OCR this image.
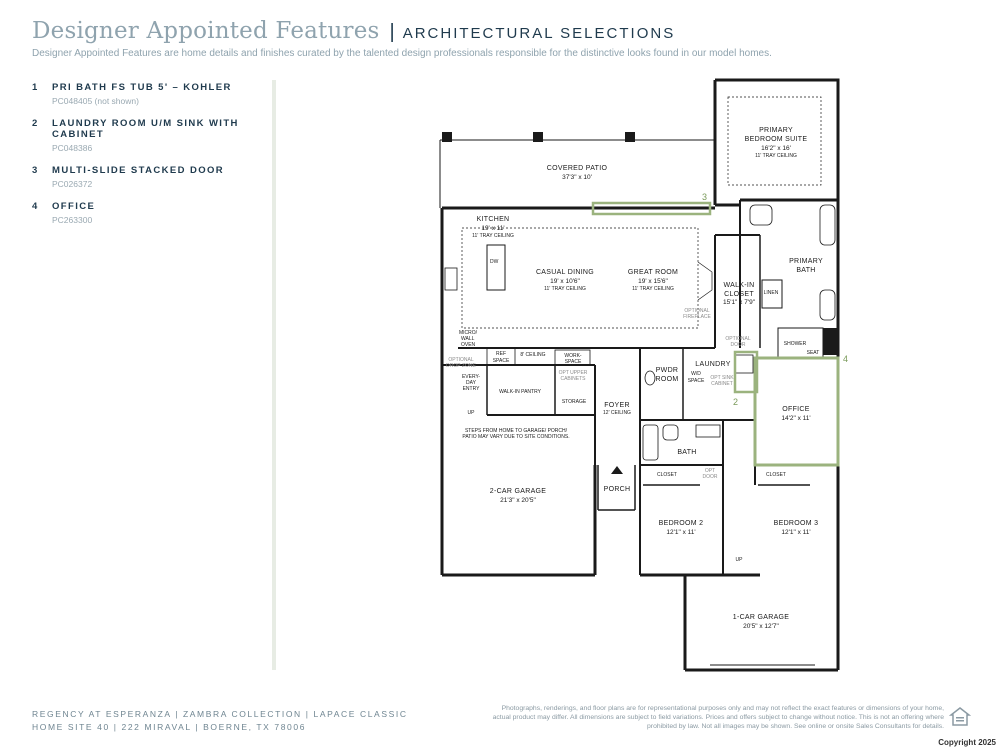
Designer Appointed Features | ARCHITECTURAL SELECTIONS
Designer Appointed Features are home details and finishes curated by the talented design professionals responsible for the distinctive looks found in our model homes.
1	PRI BATH FS TUB 5' – KOHLER
PC048405 (not shown)
2	LAUNDRY ROOM U/M SINK WITH CABINET
PC048386
3	MULTI-SLIDE STACKED DOOR
PC026372
4	OFFICE
PC263300
3
2
4
COVERED PATIO
37'3" x 10'
PRIMARY
BEDROOM SUITE
16'2" x 16'
11' TRAY CEILING
KITCHEN
19' x 11'
11' TRAY CEILING
DW
CASUAL DINING
19' x 10'6"
11' TRAY CEILING
GREAT ROOM
19' x 15'6"
11' TRAY CEILING
OPTIONAL
FIREPLACE
PRIMARY
BATH
LINEN
WALK-IN
CLOSET
15'1" x 7'9"
OPTIONAL
DOOR	SHOWER
SEAT
MICRO/
WALL
OVEN
REF
SPACE
8' CEILING	WORK-
SPACE
OPT UPPER
CABINETS
OPTIONAL
DROP ZONE
EVERY-
DAY
ENTRY
UP
WALK-IN PANTRY
STORAGE
PWDR
ROOM
LAUNDRY
W/D
SPACE OPT SINK
CABINET
FOYER
12' CEILING	OFFICE
14'2" x 11'
STEPS FROM HOME TO GARAGE/ PORCH/
PATIO MAY VARY DUE TO SITE CONDITIONS.
BATH
CLOSET
OPT
DOOR	CLOSET
PORCH
2-CAR GARAGE
21'3" x 20'5"
BEDROOM 2
12'1" x 11'
BEDROOM 3
12'1" x 11'
UP
1-CAR GARAGE
20'5" x 12'7"
REGENCY AT ESPERANZA | ZAMBRA COLLECTION | LAPACE CLASSIC
HOME SITE 40 | 222 MIRAVAL | BOERNE, TX 78006
Photographs, renderings, and floor plans are for representational purposes only and may not reflect the exact features or dimensions of your home, actual product may differ. All dimensions are subject to field variations. Prices and offers subject to change without notice. This is not an offering where prohibited by law. Not all images may be shown. See online or onsite Sales Consultants for details.
Copyright 2025
